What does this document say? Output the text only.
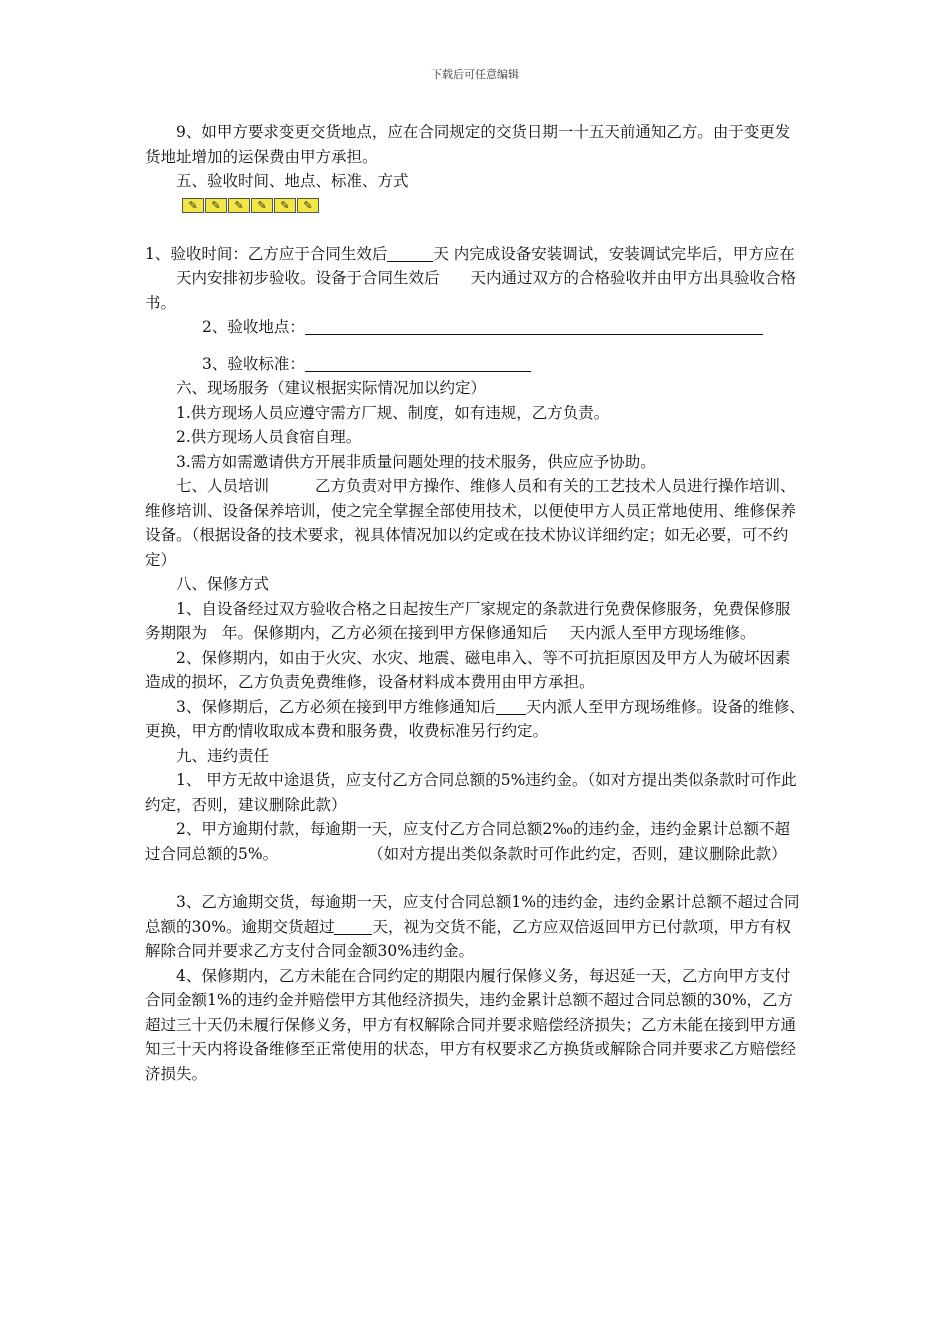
下载后可任意编辑

9、如甲方要求变更交货地点，应在合同规定的交货日期一十五天前通知乙方。由于变更发货地址增加的运保费由甲方承担。

五、验收时间、地点、标准、方式

✎	✎	✎	✎	✎	✎

1、验收时间：乙方应于合同生效后	天 内完成设备安装调试，安装调试完毕后，甲方应在天内安排初步验收。设备于合同生效后 天内通过双方的合格验收并由甲方出具验收合格书。

2、验收地点：

3、验收标准：

六、现场服务（建议根据实际情况加以约定）

1.供方现场人员应遵守需方厂规、制度，如有违规，乙方负责。

2.供方现场人员食宿自理。

3.需方如需邀请供方开展非质量问题处理的技术服务，供应应予协助。

七、人员培训	乙方负责对甲方操作、维修人员和有关的工艺技术人员进行操作培训、维修培训、设备保养培训，使之完全掌握全部使用技术，以便使甲方人员正常地使用、维修保养设备。（根据设备的技术要求，视具体情况加以约定或在技术协议详细约定；如无必要，可不约定）

八、保修方式

1、自设备经过双方验收合格之日起按生产厂家规定的条款进行免费保修服务，免费保修服务期限为 年。保修期内，乙方必须在接到甲方保修通知后 天内派人至甲方现场维修。

2、保修期内，如由于火灾、水灾、地震、磁电串入、等不可抗拒原因及甲方人为破坏因素造成的损坏，乙方负责免费维修，设备材料成本费用由甲方承担。

3、保修期后，乙方必须在接到甲方维修通知后 天内派人至甲方现场维修。设备的维修、更换，甲方酌情收取成本费和服务费，收费标准另行约定。

九、违约责任

1、 甲方无故中途退货，应支付乙方合同总额的5%违约金。（如对方提出类似条款时可作此约定，否则，建议删除此款）

2、甲方逾期付款，每逾期一天，应支付乙方合同总额2‰的违约金，违约金累计总额不超过合同总额的5%。	（如对方提出类似条款时可作此约定，否则，建议删除此款）

3、乙方逾期交货，每逾期一天，应支付合同总额1%的违约金，违约金累计总额不超过合同总额的30%。逾期交货超过 天，视为交货不能，乙方应双倍返回甲方已付款项，甲方有权解除合同并要求乙方支付合同金额30%违约金。

4、保修期内，乙方未能在合同约定的期限内履行保修义务，每迟延一天，乙方向甲方支付合同金额1%的违约金并赔偿甲方其他经济损失，违约金累计总额不超过合同总额的30%，乙方超过三十天仍未履行保修义务，甲方有权解除合同并要求赔偿经济损失；乙方未能在接到甲方通知三十天内将设备维修至正常使用的状态，甲方有权要求乙方换货或解除合同并要求乙方赔偿经济损失。
